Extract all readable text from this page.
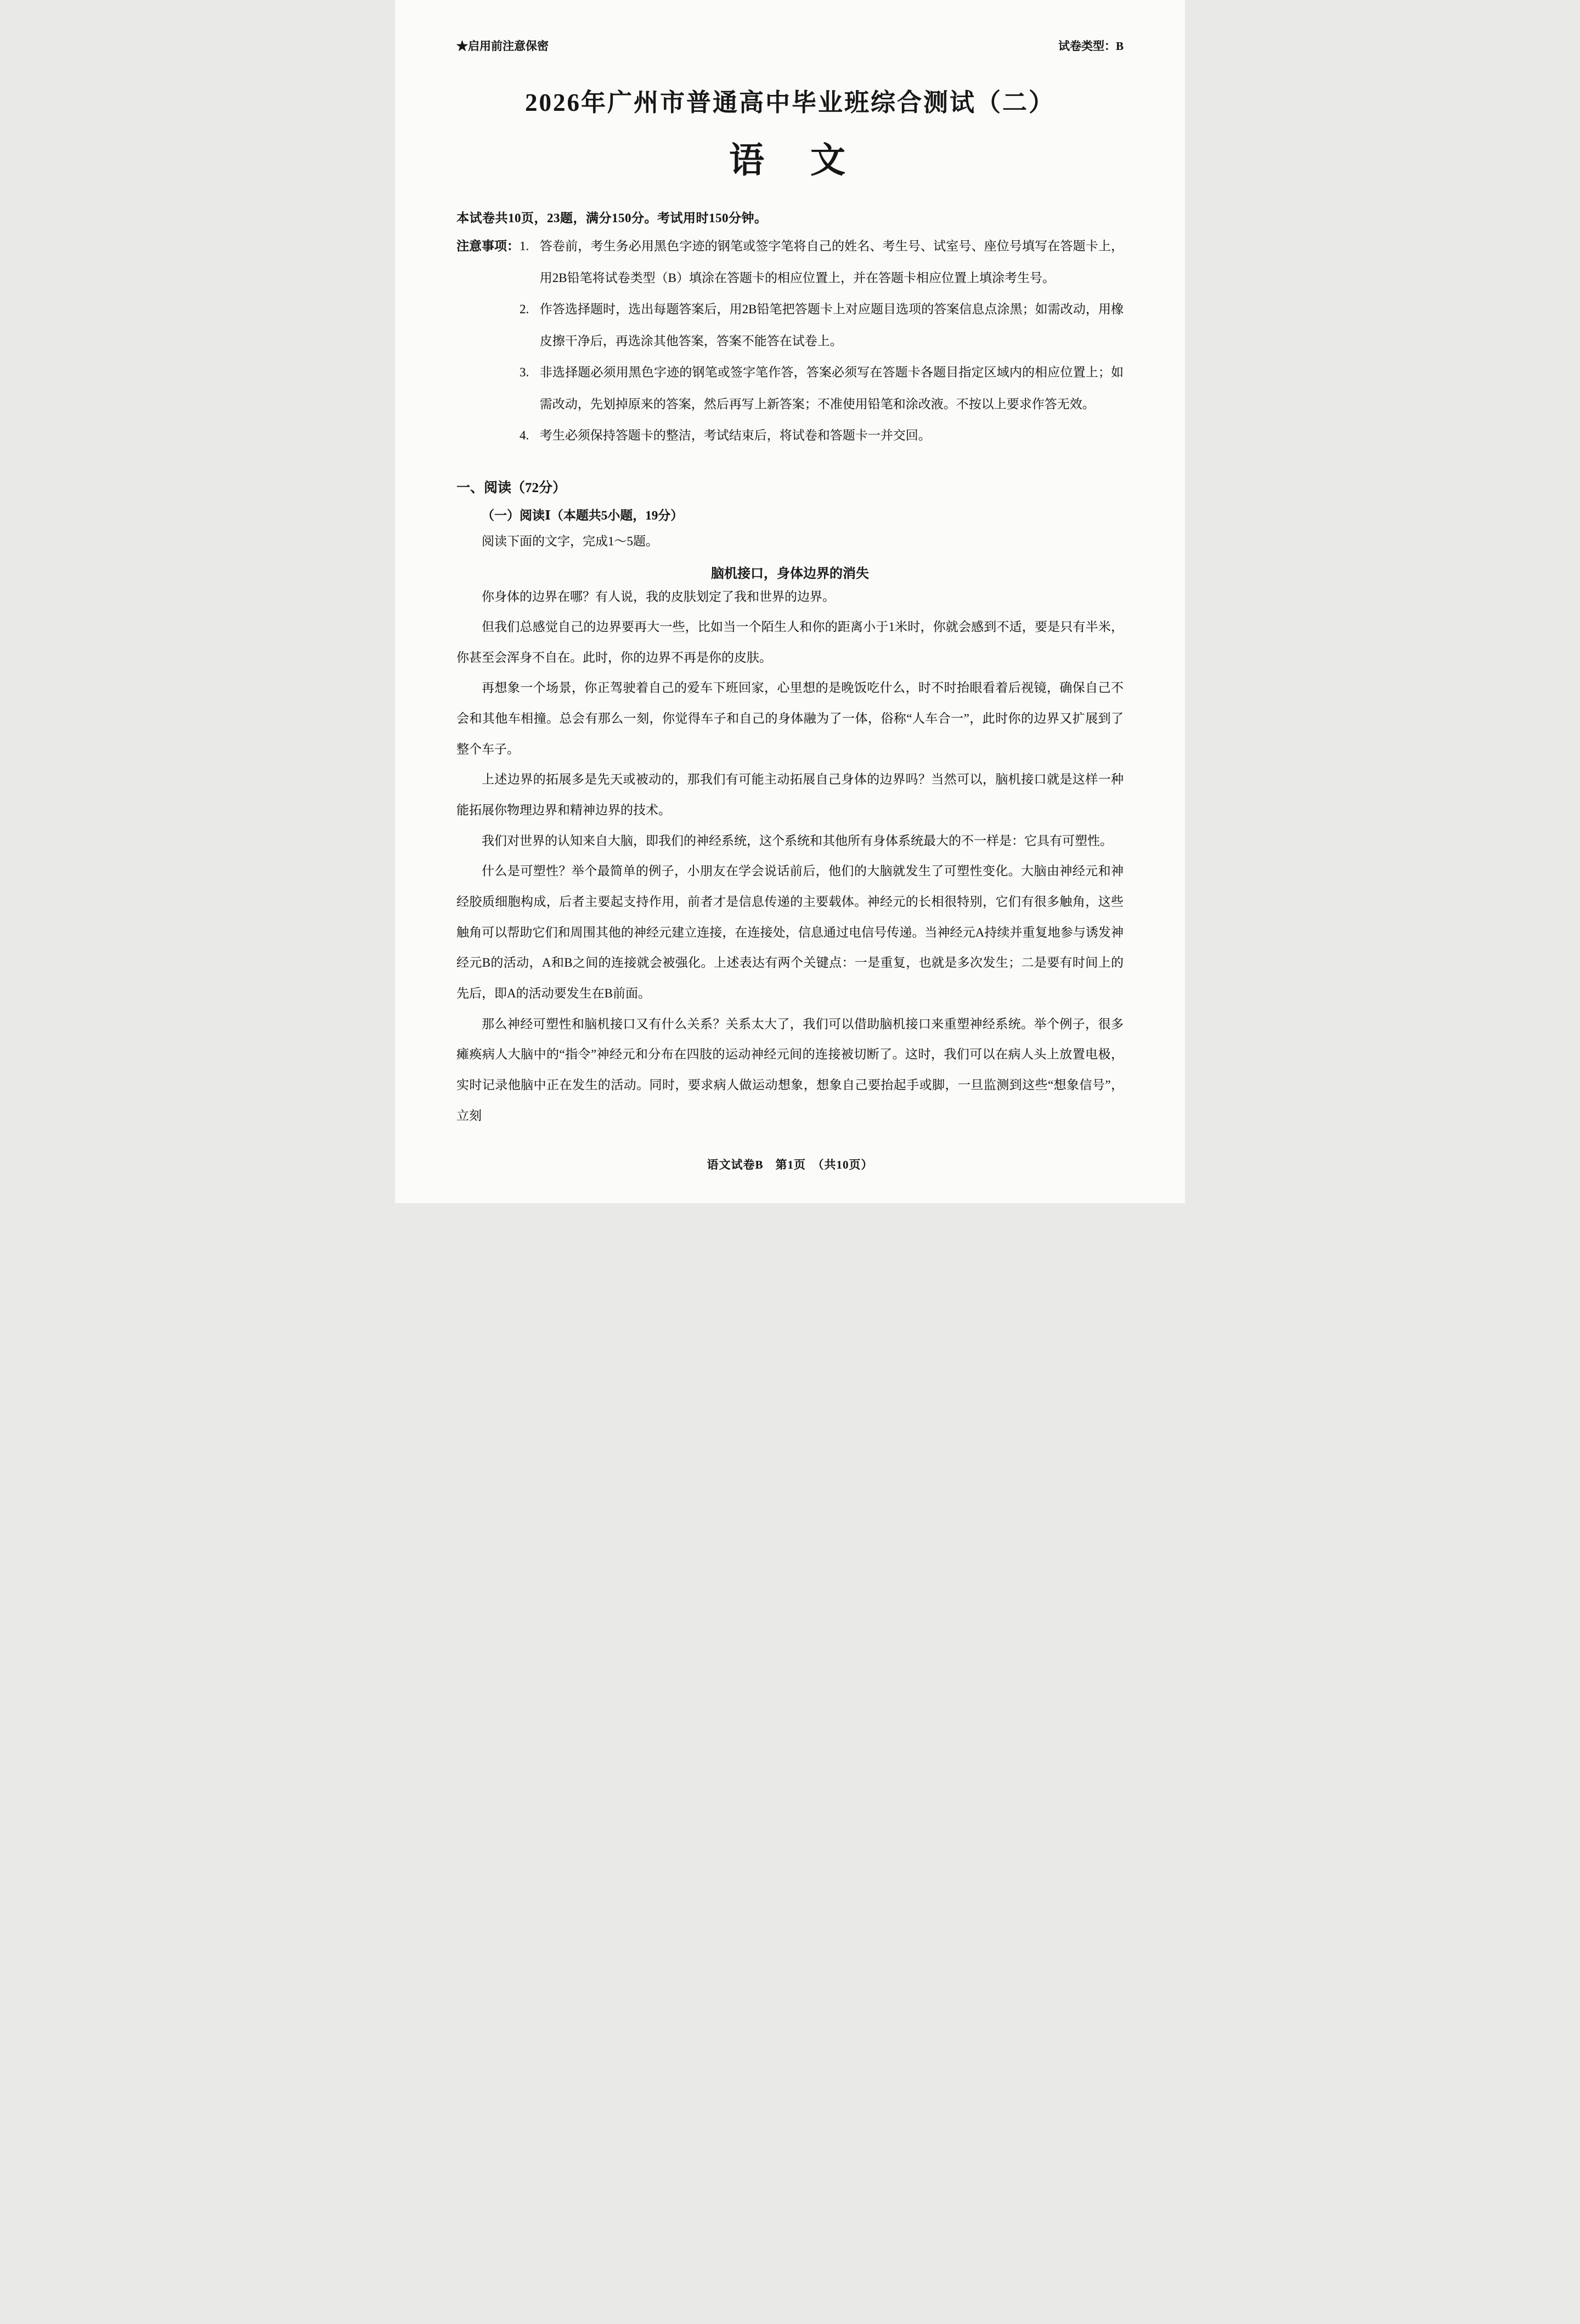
★启用前注意保密	试卷类型：B
2026年广州市普通高中毕业班综合测试（二）
语　文
本试卷共10页，23题，满分150分。考试用时150分钟。
注意事项： 1. 答卷前，考生务必用黑色字迹的钢笔或签字笔将自己的姓名、考生号、试室号、座位号填写在答题卡上，用2B铅笔将试卷类型（B）填涂在答题卡的相应位置上，并在答题卡相应位置上填涂考生号。
2. 作答选择题时，选出每题答案后，用2B铅笔把答题卡上对应题目选项的答案信息点涂黑；如需改动，用橡皮擦干净后，再选涂其他答案，答案不能答在试卷上。
3. 非选择题必须用黑色字迹的钢笔或签字笔作答，答案必须写在答题卡各题目指定区域内的相应位置上；如需改动，先划掉原来的答案，然后再写上新答案；不准使用铅笔和涂改液。不按以上要求作答无效。
4. 考生必须保持答题卡的整洁，考试结束后，将试卷和答题卡一并交回。
一、阅读（72分）
（一）阅读Ⅰ（本题共5小题，19分）
阅读下面的文字，完成1～5题。
脑机接口，身体边界的消失

你身体的边界在哪？有人说，我的皮肤划定了我和世界的边界。

但我们总感觉自己的边界要再大一些，比如当一个陌生人和你的距离小于1米时，你就会感到不适，要是只有半米，你甚至会浑身不自在。此时，你的边界不再是你的皮肤。

再想象一个场景，你正驾驶着自己的爱车下班回家，心里想的是晚饭吃什么，时不时抬眼看着后视镜，确保自己不会和其他车相撞。总会有那么一刻，你觉得车子和自己的身体融为了一体，俗称“人车合一”，此时你的边界又扩展到了整个车子。

上述边界的拓展多是先天或被动的，那我们有可能主动拓展自己身体的边界吗？当然可以，脑机接口就是这样一种能拓展你物理边界和精神边界的技术。

我们对世界的认知来自大脑，即我们的神经系统，这个系统和其他所有身体系统最大的不一样是：它具有可塑性。

什么是可塑性？举个最简单的例子，小朋友在学会说话前后，他们的大脑就发生了可塑性变化。大脑由神经元和神经胶质细胞构成，后者主要起支持作用，前者才是信息传递的主要载体。神经元的长相很特别，它们有很多触角，这些触角可以帮助它们和周围其他的神经元建立连接，在连接处，信息通过电信号传递。当神经元A持续并重复地参与诱发神经元B的活动，A和B之间的连接就会被强化。上述表达有两个关键点：一是重复，也就是多次发生；二是要有时间上的先后，即A的活动要发生在B前面。

那么神经可塑性和脑机接口又有什么关系？关系太大了，我们可以借助脑机接口来重塑神经系统。举个例子，很多瘫痪病人大脑中的“指令”神经元和分布在四肢的运动神经元间的连接被切断了。这时，我们可以在病人头上放置电极，实时记录他脑中正在发生的活动。同时，要求病人做运动想象，想象自己要抬起手或脚，一旦监测到这些“想象信号”，立刻

语文试卷B　第1页　（共10页）
